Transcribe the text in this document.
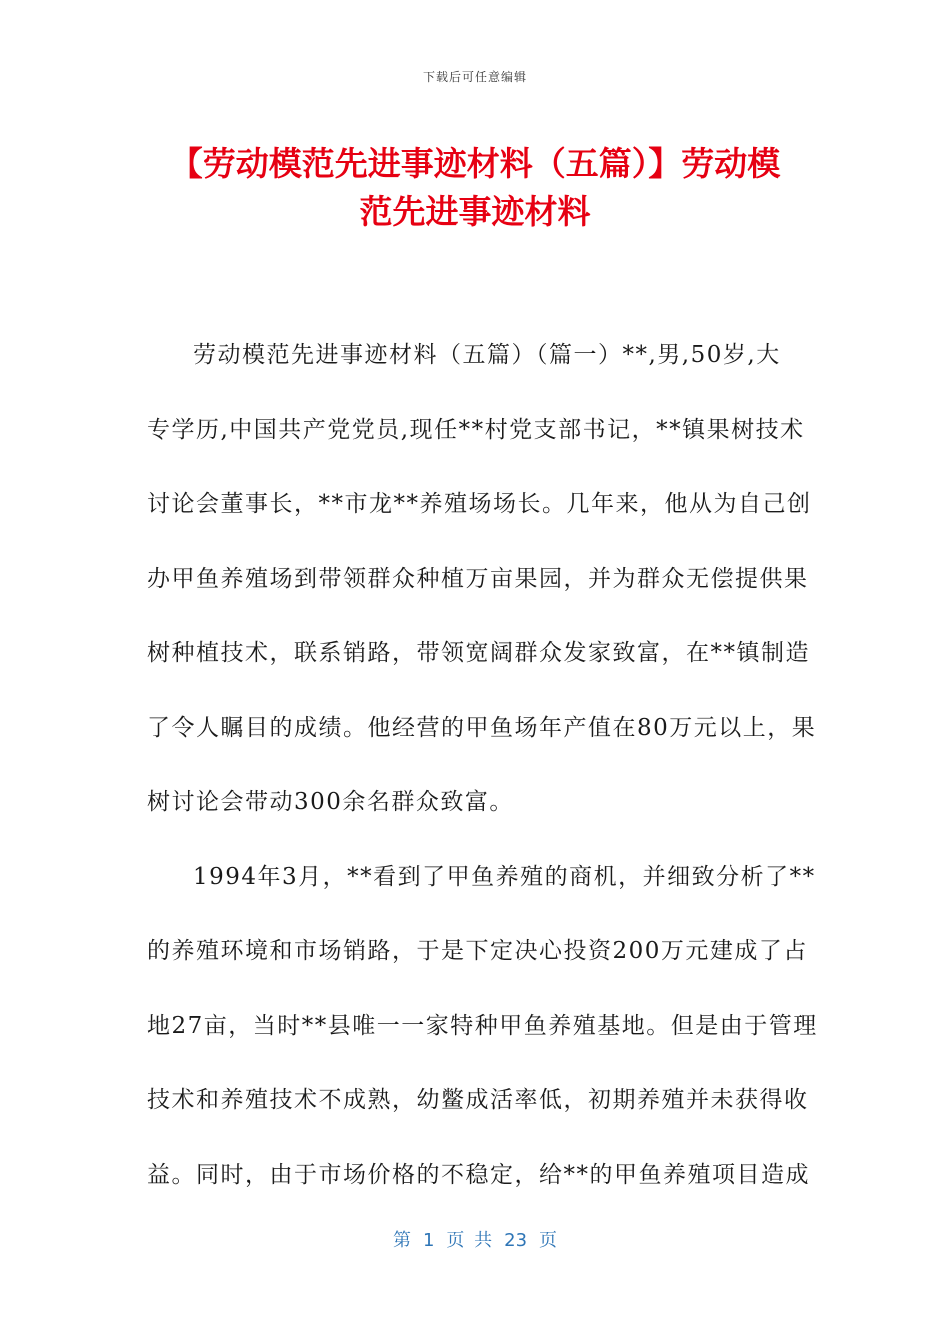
下载后可任意编辑
【劳动模范先进事迹材料（五篇）】劳动模
范先进事迹材料

劳动模范先进事迹材料（五篇）（篇一）**,男,50岁,大
专学历,中国共产党党员,现任**村党支部书记，**镇果树技术
讨论会董事长，**市龙**养殖场场长。几年来，他从为自己创
办甲鱼养殖场到带领群众种植万亩果园，并为群众无偿提供果
树种植技术，联系销路，带领宽阔群众发家致富，在**镇制造
了令人瞩目的成绩。他经营的甲鱼场年产值在80万元以上，果
树讨论会带动300余名群众致富。

1994年3月，**看到了甲鱼养殖的商机，并细致分析了**
的养殖环境和市场销路，于是下定决心投资200万元建成了占
地27亩，当时**县唯一一家特种甲鱼养殖基地。但是由于管理
技术和养殖技术不成熟，幼鳖成活率低，初期养殖并未获得收
益。同时，由于市场价格的不稳定，给**的甲鱼养殖项目造成

第 1 页 共 23 页
